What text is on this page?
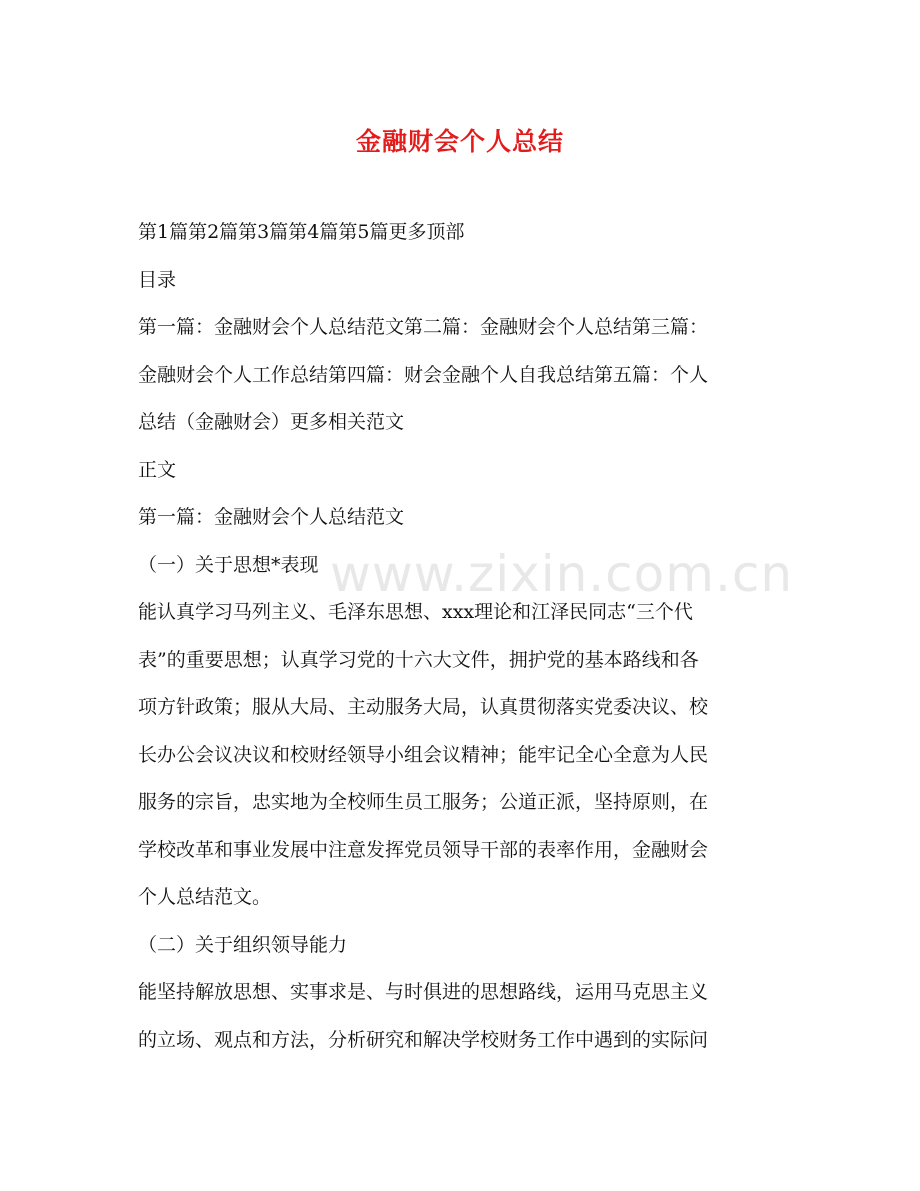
金融财会个人总结
第1篇第2篇第3篇第4篇第5篇更多顶部
目录
第一篇：金融财会个人总结范文第二篇：金融财会个人总结第三篇：
金融财会个人工作总结第四篇：财会金融个人自我总结第五篇：个人
总结（金融财会）更多相关范文
正文
第一篇：金融财会个人总结范文
（一）关于思想*表现
能认真学习马列主义、毛泽东思想、xxx理论和江泽民同志“三个代
表”的重要思想；认真学习党的十六大文件，拥护党的基本路线和各
项方针政策；服从大局、主动服务大局，认真贯彻落实党委决议、校
长办公会议决议和校财经领导小组会议精神；能牢记全心全意为人民
服务的宗旨，忠实地为全校师生员工服务；公道正派，坚持原则，在
学校改革和事业发展中注意发挥党员领导干部的表率作用，金融财会
个人总结范文。
（二）关于组织领导能力
能坚持解放思想、实事求是、与时俱进的思想路线，运用马克思主义
的立场、观点和方法，分析研究和解决学校财务工作中遇到的实际问
www.zixin.com.cn
